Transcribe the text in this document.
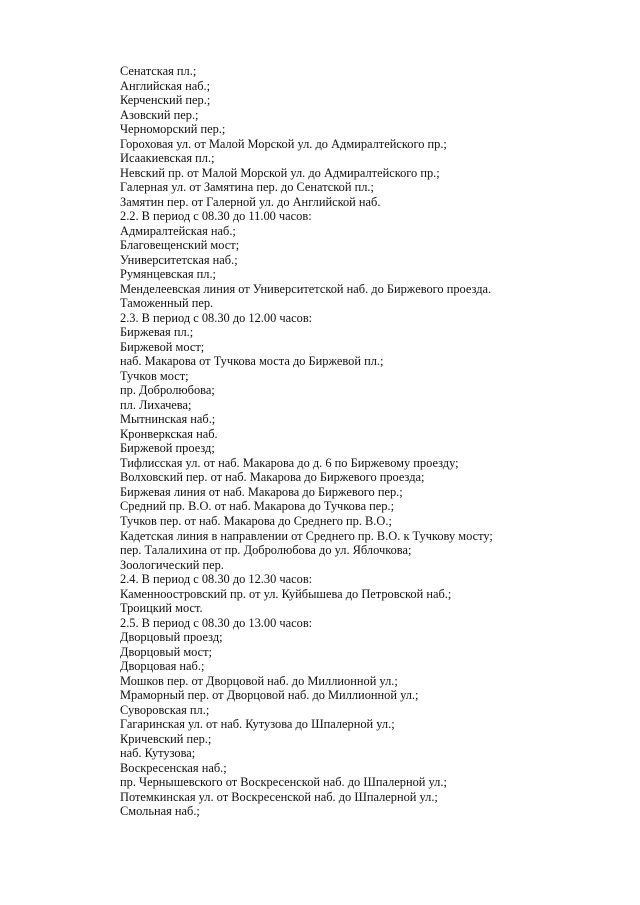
Сенатская пл.;
Английская наб.;
Керченский пер.;
Азовский пер.;
Черноморский пер.;
Гороховая ул. от Малой Морской ул. до Адмиралтейского пр.;
Исаакиевская пл.;
Невский пр. от Малой Морской ул. до Адмиралтейского пр.;
Галерная ул. от Замятина пер. до Сенатской пл.;
Замятин пер. от Галерной ул. до Английской наб.
2.2. В период с 08.30 до 11.00 часов:
Адмиралтейская наб.;
Благовещенский мост;
Университетская наб.;
Румянцевская пл.;
Менделеевская линия от Университетской наб. до Биржевого проезда.
Таможенный пер.
2.3. В период с 08.30 до 12.00 часов:
Биржевая пл.;
Биржевой мост;
наб. Макарова от Тучкова моста до Биржевой пл.;
Тучков мост;
пр. Добролюбова;
пл. Лихачева;
Мытнинская наб.;
Кронверкская наб.
Биржевой проезд;
Тифлисская ул. от наб. Макарова до д. 6 по Биржевому проезду;
Волховский пер. от наб. Макарова до Биржевого проезда;
Биржевая линия от наб. Макарова до Биржевого пер.;
Средний пр. В.О. от наб. Макарова до Тучкова пер.;
Тучков пер. от наб. Макарова до Среднего пр. В.О.;
Кадетская линия в направлении от Среднего пр. В.О. к Тучкову мосту;
пер. Талалихина от пр. Добролюбова до ул. Яблочкова;
Зоологический пер.
2.4. В период с 08.30 до 12.30 часов:
Каменноостровский пр. от ул. Куйбышева до Петровской наб.;
Троицкий мост.
2.5. В период с 08.30 до 13.00 часов:
Дворцовый проезд;
Дворцовый мост;
Дворцовая наб.;
Мошков пер. от Дворцовой наб. до Миллионной ул.;
Мраморный пер. от Дворцовой наб. до Миллионной ул.;
Суворовская пл.;
Гагаринская ул. от наб. Кутузова до Шпалерной ул.;
Кричевский пер.;
наб. Кутузова;
Воскресенская наб.;
пр. Чернышевского от Воскресенской наб. до Шпалерной ул.;
Потемкинская ул. от Воскресенской наб. до Шпалерной ул.;
Смольная наб.;
